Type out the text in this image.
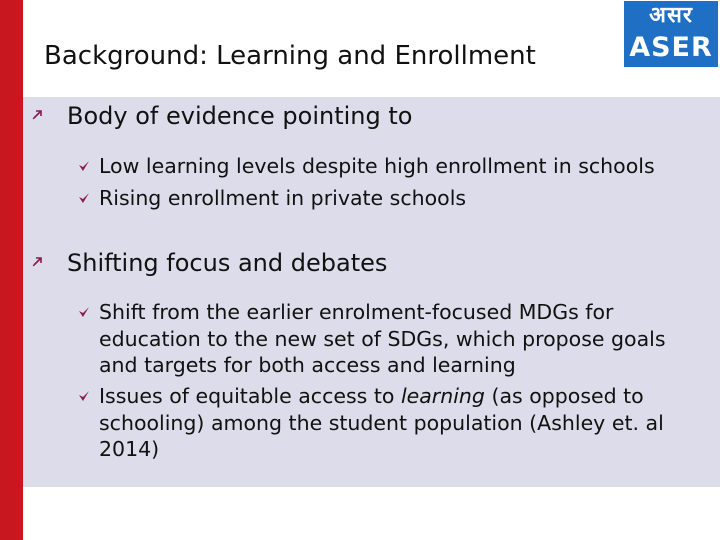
Background: Learning and Enrollment
असर
ASER
Body of evidence pointing to
Low learning levels despite high enrollment in schools
Rising enrollment in private schools
Shifting focus and debates
Shift from the earlier enrolment-focused MDGs for
education to the new set of SDGs, which propose goals
and targets for both access and learning
Issues of equitable access to learning (as opposed to
schooling) among the student population (Ashley et. al
2014)
